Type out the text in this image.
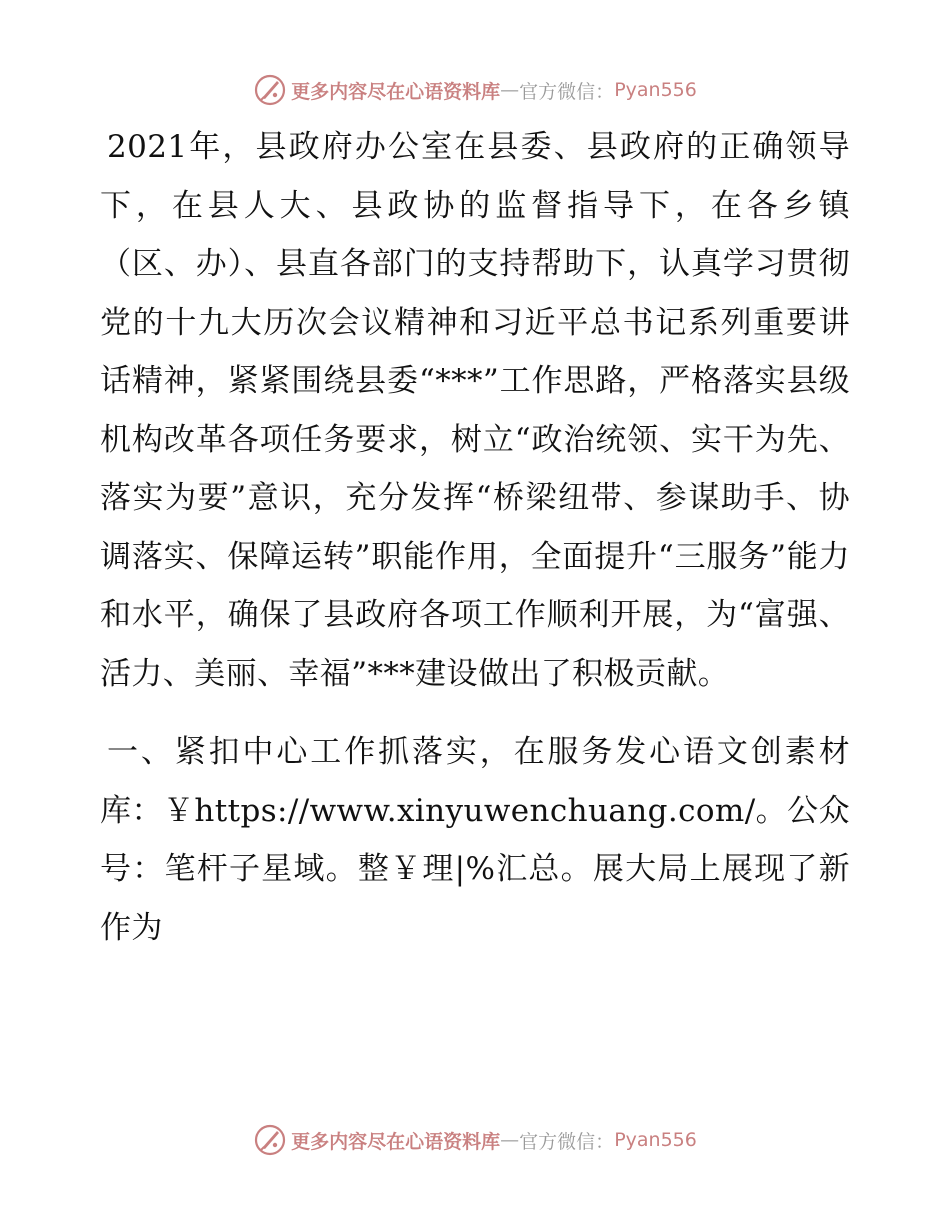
更多内容尽在心语资料库 — 官方微信： Pyan556

2021年，县政府办公室在县委、县政府的正确领导下，在县人大、县政协的监督指导下，在各乡镇（区、办）、县直各部门的支持帮助下，认真学习贯彻党的十九大历次会议精神和习近平总书记系列重要讲话精神，紧紧围绕县委“***”工作思路，严格落实县级机构改革各项任务要求，树立“政治统领、实干为先、落实为要”意识，充分发挥“桥梁纽带、参谋助手、协调落实、保障运转”职能作用，全面提升“三服务”能力和水平，确保了县政府各项工作顺利开展，为“富强、活力、美丽、幸福”***建设做出了积极贡献。

一、紧扣中心工作抓落实，在服务发心语文创素材库：￥https://www.xinyuwenchuang.com/。公众号：笔杆子星域。整￥理|%汇总。展大局上展现了新作为

更多内容尽在心语资料库 — 官方微信： Pyan556
